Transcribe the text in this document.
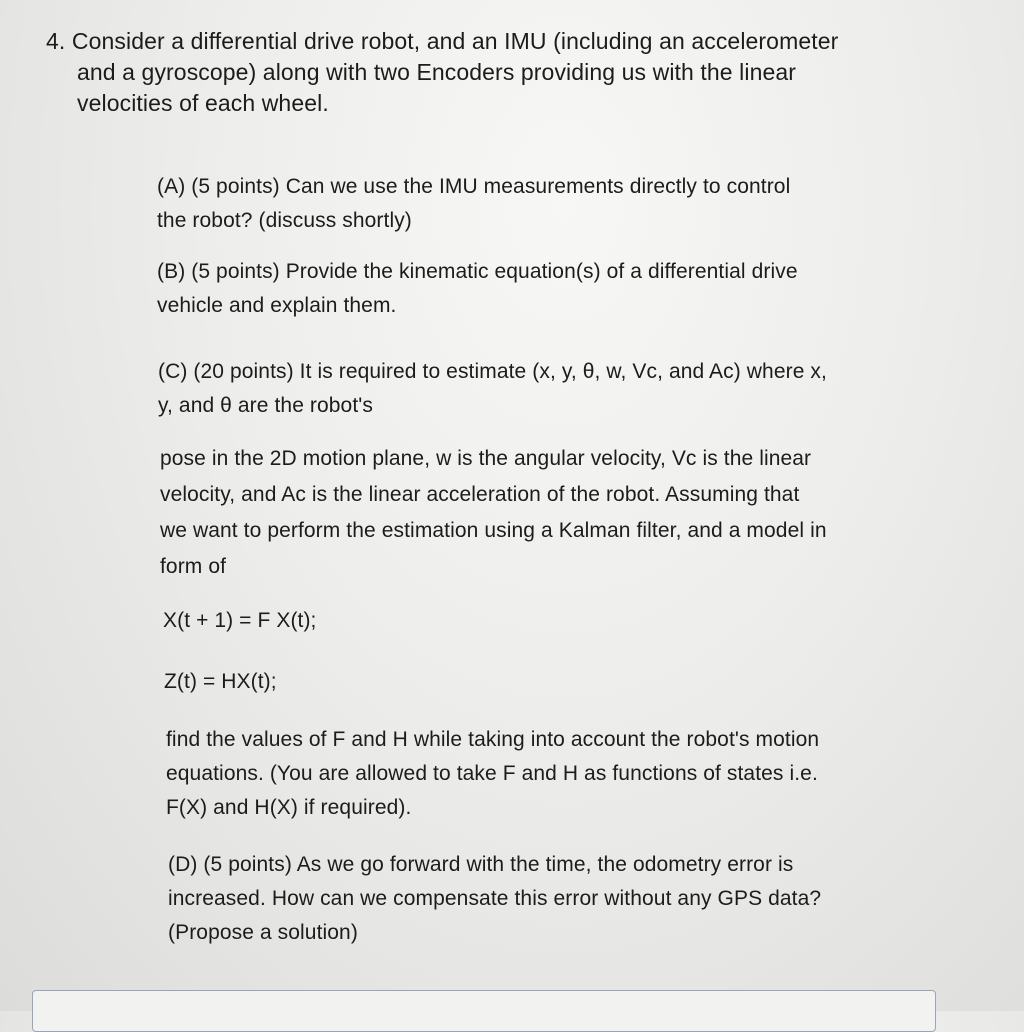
4. Consider a differential drive robot, and an IMU (including an accelerometer
and a gyroscope) along with two Encoders providing us with the linear
velocities of each wheel.
(A) (5 points) Can we use the IMU measurements directly to control
the robot? (discuss shortly)
(B) (5 points) Provide the kinematic equation(s) of a differential drive
vehicle and explain them.
(C) (20 points) It is required to estimate (x, y, θ, w, Vc, and Ac) where x,
y, and θ are the robot's
pose in the 2D motion plane, w is the angular velocity, Vc is the linear
velocity, and Ac is the linear acceleration of the robot. Assuming that
we want to perform the estimation using a Kalman filter, and a model in
form of
X(t + 1) = F X(t);
Z(t) = HX(t);
find the values of F and H while taking into account the robot's motion
equations. (You are allowed to take F and H as functions of states i.e.
F(X) and H(X) if required).
(D) (5 points) As we go forward with the time, the odometry error is
increased. How can we compensate this error without any GPS data?
(Propose a solution)
